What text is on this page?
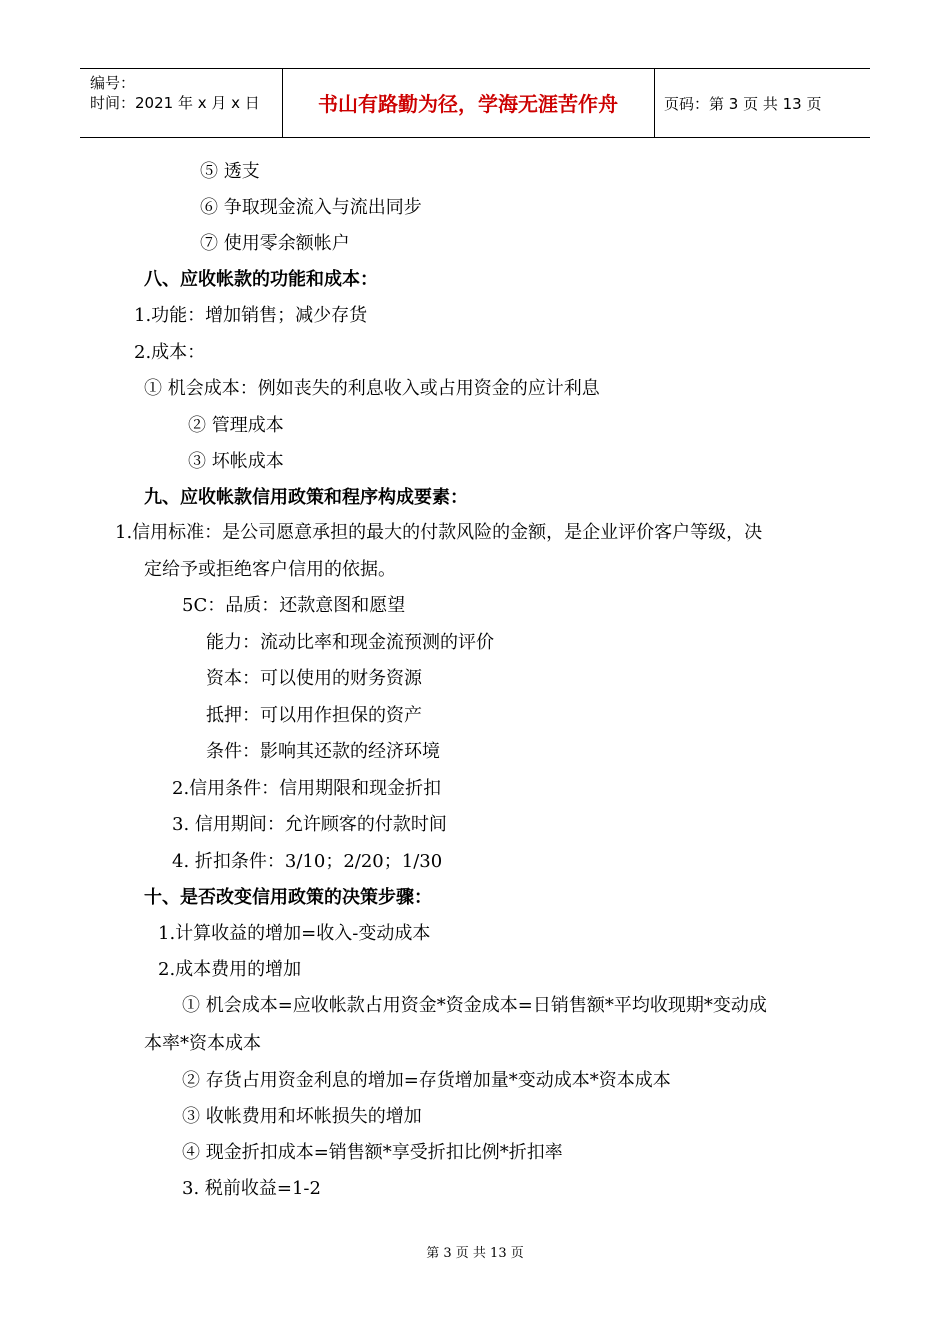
编号：
时间：2021 年 x 月 x 日	书山有路勤为径，学海无涯苦作舟	页码：第 3 页 共 13 页
⑤ 透支
⑥ 争取现金流入与流出同步
⑦ 使用零余额帐户
八、应收帐款的功能和成本：
1.功能：增加销售；减少存货
2.成本：
① 机会成本：例如丧失的利息收入或占用资金的应计利息
② 管理成本
③ 坏帐成本
九、应收帐款信用政策和程序构成要素：
1.信用标准：是公司愿意承担的最大的付款风险的金额，是企业评价客户等级，决
定给予或拒绝客户信用的依据。
5C：品质：还款意图和愿望
能力：流动比率和现金流预测的评价
资本：可以使用的财务资源
抵押：可以用作担保的资产
条件：影响其还款的经济环境
2.信用条件：信用期限和现金折扣
3. 信用期间：允许顾客的付款时间
4. 折扣条件：3/10；2/20；1/30
十、是否改变信用政策的决策步骤：
1.计算收益的增加=收入-变动成本
2.成本费用的增加
① 机会成本=应收帐款占用资金*资金成本=日销售额*平均收现期*变动成
本率*资本成本
② 存货占用资金利息的增加=存货增加量*变动成本*资本成本
③ 收帐费用和坏帐损失的增加
④ 现金折扣成本=销售额*享受折扣比例*折扣率
3. 税前收益=1-2
第 3 页 共 13 页
